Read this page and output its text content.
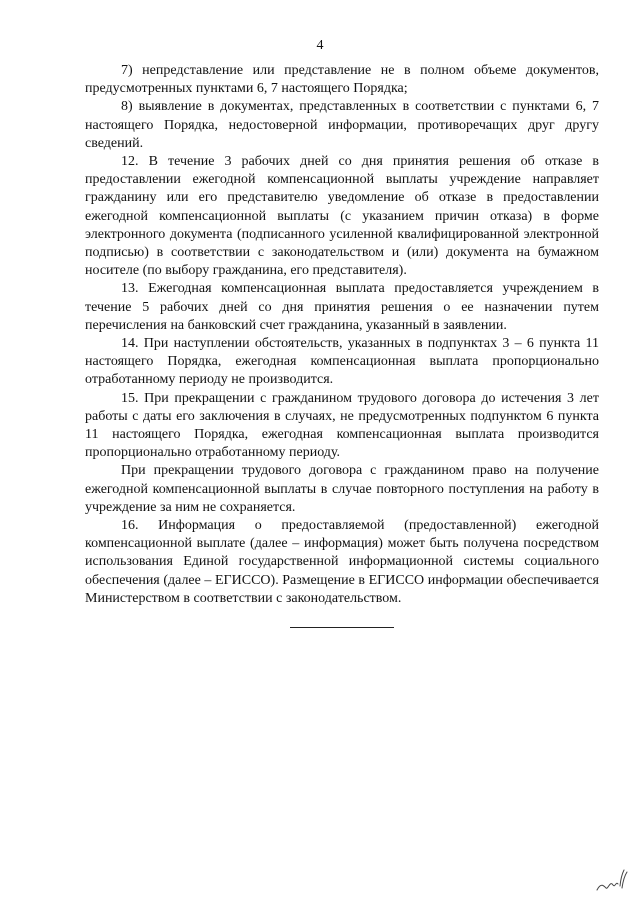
4

7) непредставление или представление не в полном объеме документов, предусмотренных пунктами 6, 7 настоящего Порядка;

8) выявление в документах, представленных в соответствии с пунктами 6, 7 настоящего Порядка, недостоверной информации, противоречащих друг другу сведений.

12. В течение 3 рабочих дней со дня принятия решения об отказе в предоставлении ежегодной компенсационной выплаты учреждение направляет гражданину или его представителю уведомление об отказе в предоставлении ежегодной компенсационной выплаты (с указанием причин отказа) в форме электронного документа (подписанного усиленной квалифицированной электронной подписью) в соответствии с законодательством и (или) документа на бумажном носителе (по выбору гражданина, его представителя).

13. Ежегодная компенсационная выплата предоставляется учреждением в течение 5 рабочих дней со дня принятия решения о ее назначении путем перечисления на банковский счет гражданина, указанный в заявлении.

14. При наступлении обстоятельств, указанных в подпунктах 3 – 6 пункта 11 настоящего Порядка, ежегодная компенсационная выплата пропорционально отработанному периоду не производится.

15. При прекращении с гражданином трудового договора до истечения 3 лет работы с даты его заключения в случаях, не предусмотренных подпунктом 6 пункта 11 настоящего Порядка, ежегодная компенсационная выплата производится пропорционально отработанному периоду.

При прекращении трудового договора с гражданином право на получение ежегодной компенсационной выплаты в случае повторного поступления на работу в учреждение за ним не сохраняется.

16. Информация о предоставляемой (предоставленной) ежегодной компенсационной выплате (далее – информация) может быть получена посредством использования Единой государственной информационной системы социального обеспечения (далее – ЕГИССО). Размещение в ЕГИССО информации обеспечивается Министерством в соответствии с законодательством.
